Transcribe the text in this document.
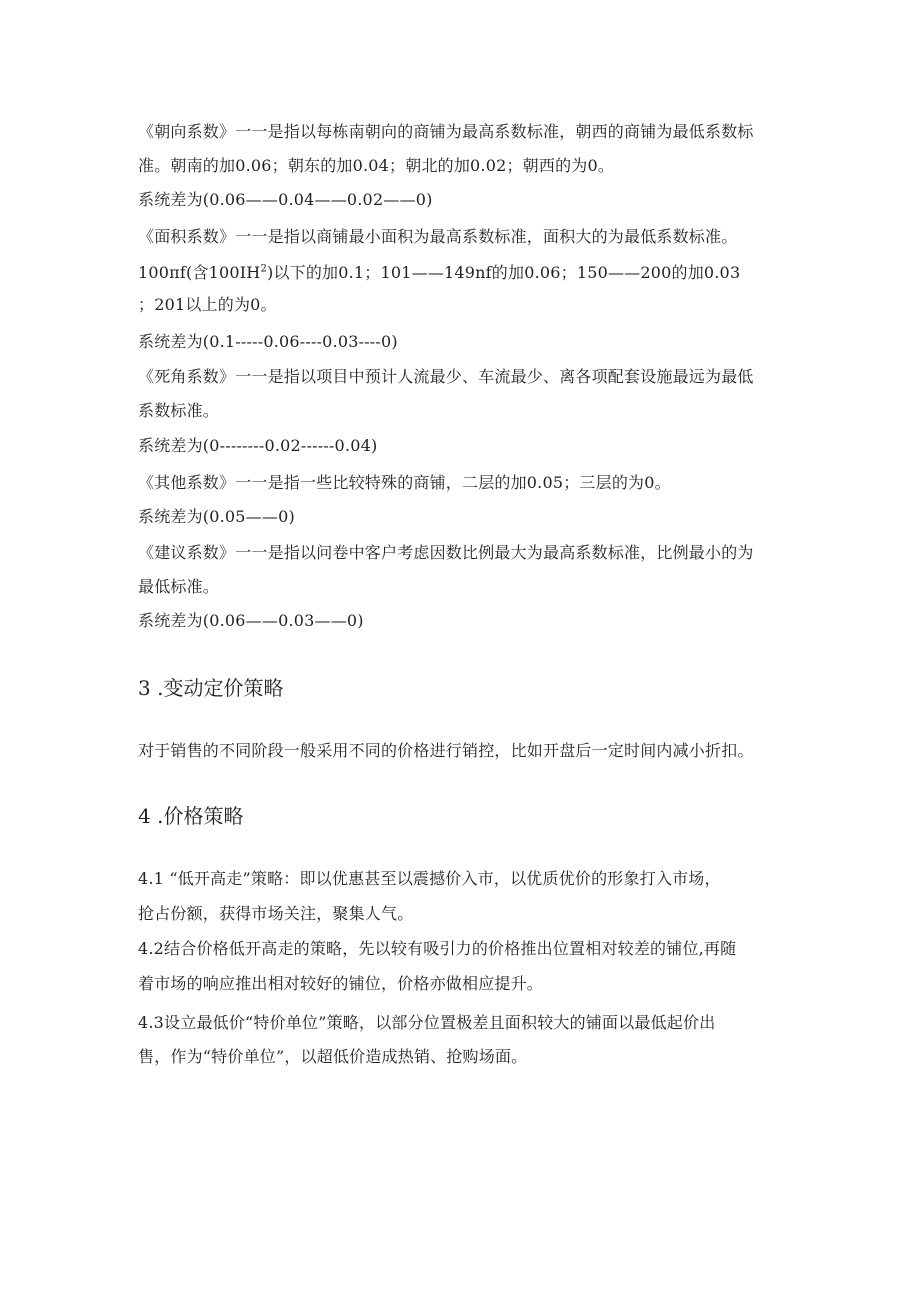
《朝向系数》一一是指以每栋南朝向的商铺为最高系数标准，朝西的商铺为最低系数标
准。朝南的加0.06；朝东的加0.04；朝北的加0.02；朝西的为0。
系统差为(0.06——0.04——0.02——0)
《面积系数》一一是指以商铺最小面积为最高系数标准，面积大的为最低系数标准。
100πf(含$100IH^2$)以下的加0.1；101——149nf的加0.06；150——200的加0.03
；201以上的为0。
系统差为(0.1-----0.06----0.03----0)
《死角系数》一一是指以项目中预计人流最少、车流最少、离各项配套设施最远为最低
系数标准。
系统差为(0--------0.02------0.04)
《其他系数》一一是指一些比较特殊的商铺，二层的加0.05；三层的为0。
系统差为(0.05——0)
《建议系数》一一是指以问卷中客户考虑因数比例最大为最高系数标准，比例最小的为
最低标准。
系统差为(0.06——0.03——0)
3 .变动定价策略
对于销售的不同阶段一般采用不同的价格进行销控，比如开盘后一定时间内减小折扣。
4 .价格策略
4.1 “低开高走”策略：即以优惠甚至以震撼价入市，以优质优价的形象打入市场，
抢占份额，获得市场关注，聚集人气。
4.2结合价格低开高走的策略，先以较有吸引力的价格推出位置相对较差的铺位,再随
着市场的响应推出相对较好的铺位，价格亦做相应提升。
4.3设立最低价“特价单位”策略，以部分位置极差且面积较大的铺面以最低起价出
售，作为“特价单位”，以超低价造成热销、抢购场面。
